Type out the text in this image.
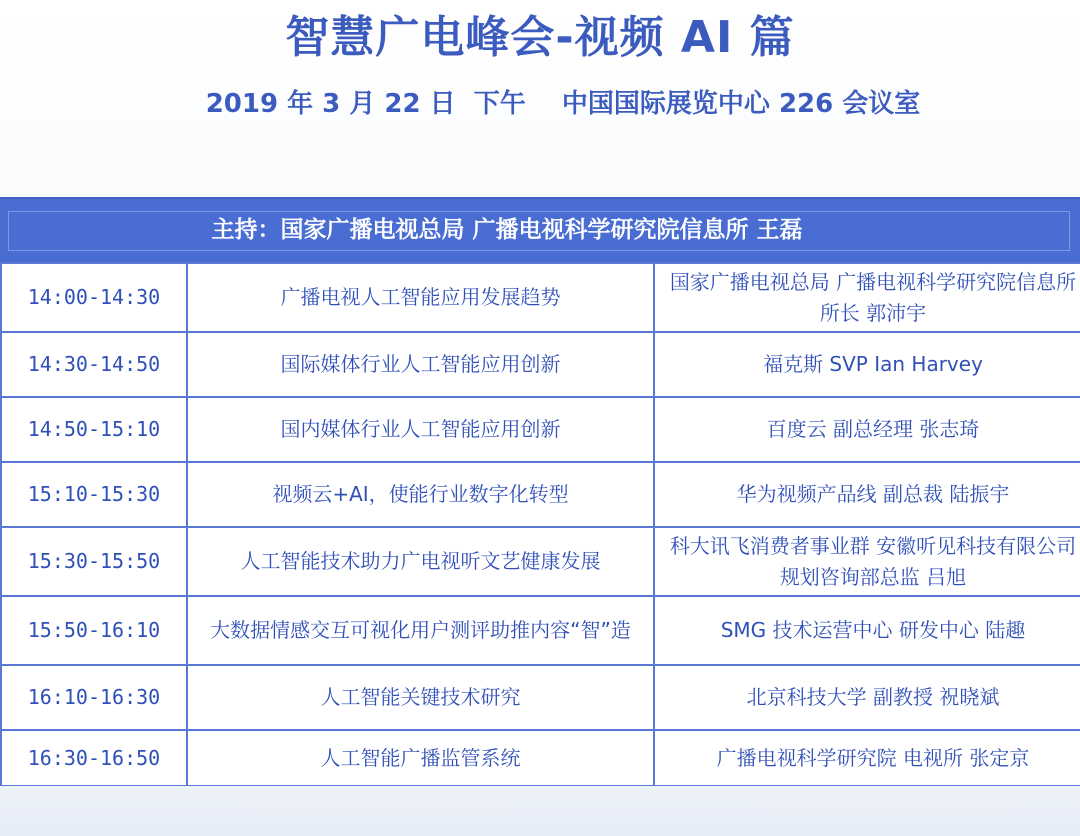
智慧广电峰会-视频 AI 篇
2019 年 3 月 22 日  下午    中国国际展览中心 226 会议室
主持：国家广播电视总局 广播电视科学研究院信息所 王磊
14:00-14:30	广播电视人工智能应用发展趋势	国家广播电视总局 广播电视科学研究院信息所所长 郭沛宇
14:30-14:50	国际媒体行业人工智能应用创新	福克斯 SVP Ian Harvey
14:50-15:10	国内媒体行业人工智能应用创新	百度云 副总经理 张志琦
15:10-15:30	视频云+AI，使能行业数字化转型	华为视频产品线 副总裁 陆振宇
15:30-15:50	人工智能技术助力广电视听文艺健康发展	科大讯飞消费者事业群 安徽听见科技有限公司规划咨询部总监 吕旭
15:50-16:10	大数据情感交互可视化用户测评助推内容“智”造	SMG 技术运营中心 研发中心 陆趣
16:10-16:30	人工智能关键技术研究	北京科技大学 副教授 祝晓斌
16:30-16:50	人工智能广播监管系统	广播电视科学研究院 电视所 张定京
